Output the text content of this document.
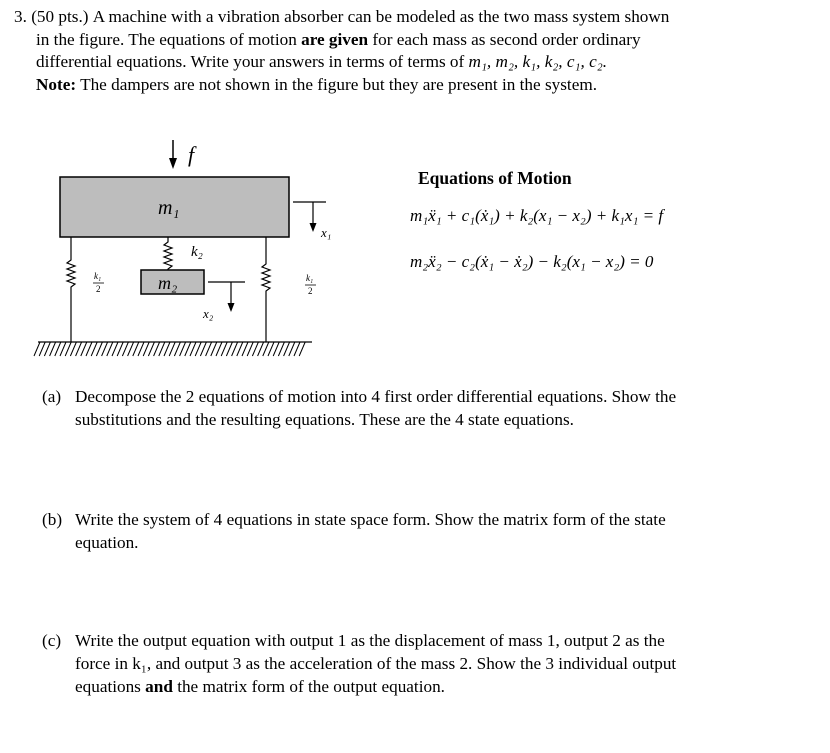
3. (50 pts.) A machine with a vibration absorber can be modeled as the two mass system shown
in the figure. The equations of motion are given for each mass as second order ordinary
differential equations. Write your answers in terms of terms of m₁, m₂, k₁, k₂, c₁, c₂.
Note: The dampers are not shown in the figure but they are present in the system.
f
m₁
x₁
k₂
m₂
x₂
k₁
2
k₁
2
Equations of Motion
m₁ẍ₁ + c₁(ẋ₁) + k₂(x₁ − x₂) + k₁x₁ = f
m₂ẍ₂ − c₂(ẋ₁ − ẋ₂) − k₂(x₁ − x₂) = 0
(a) Decompose the 2 equations of motion into 4 first order differential equations. Show the
substitutions and the resulting equations. These are the 4 state equations.
(b) Write the system of 4 equations in state space form. Show the matrix form of the state
equation.
(c) Write the output equation with output 1 as the displacement of mass 1, output 2 as the
force in k₁, and output 3 as the acceleration of the mass 2. Show the 3 individual output
equations and the matrix form of the output equation.
